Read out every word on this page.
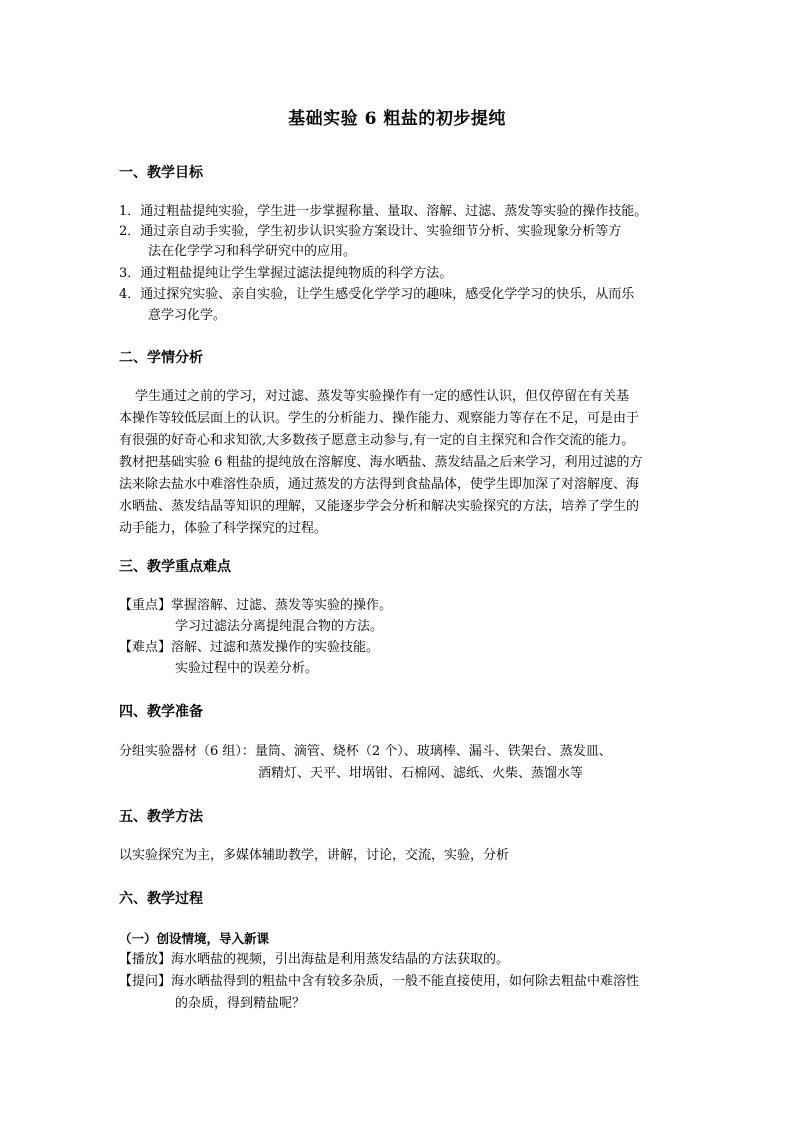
基础实验 6 粗盐的初步提纯
一、教学目标
1．通过粗盐提纯实验，学生进一步掌握称量、量取、溶解、过滤、蒸发等实验的操作技能。
2．通过亲自动手实验，学生初步认识实验方案设计、实验细节分析、实验现象分析等方
法在化学学习和科学研究中的应用。
3．通过粗盐提纯让学生掌握过滤法提纯物质的科学方法。
4．通过探究实验、亲自实验，让学生感受化学学习的趣味，感受化学学习的快乐，从而乐
意学习化学。
二、学情分析
学生通过之前的学习，对过滤、蒸发等实验操作有一定的感性认识，但仅停留在有关基
本操作等较低层面上的认识。学生的分析能力、操作能力、观察能力等存在不足，可是由于
有很强的好奇心和求知欲,大多数孩子愿意主动参与,有一定的自主探究和合作交流的能力。
教材把基础实验 6 粗盐的提纯放在溶解度、海水晒盐、蒸发结晶之后来学习，利用过滤的方
法来除去盐水中难溶性杂质，通过蒸发的方法得到食盐晶体，使学生即加深了对溶解度、海
水晒盐、蒸发结晶等知识的理解，又能逐步学会分析和解决实验探究的方法，培养了学生的
动手能力，体验了科学探究的过程。
三、教学重点难点
【重点】掌握溶解、过滤、蒸发等实验的操作。
学习过滤法分离提纯混合物的方法。
【难点】溶解、过滤和蒸发操作的实验技能。
实验过程中的误差分析。
四、教学准备
分组实验器材（6 组）：量筒、滴管、烧杯（2 个）、玻璃棒、漏斗、铁架台、蒸发皿、
酒精灯、天平、坩埚钳、石棉网、滤纸、火柴、蒸馏水等
五、教学方法
以实验探究为主，多媒体辅助教学，讲解，讨论，交流，实验，分析
六、教学过程
（一）创设情境，导入新课
【播放】海水晒盐的视频，引出海盐是利用蒸发结晶的方法获取的。
【提问】海水晒盐得到的粗盐中含有较多杂质，一般不能直接使用，如何除去粗盐中难溶性
的杂质，得到精盐呢？
